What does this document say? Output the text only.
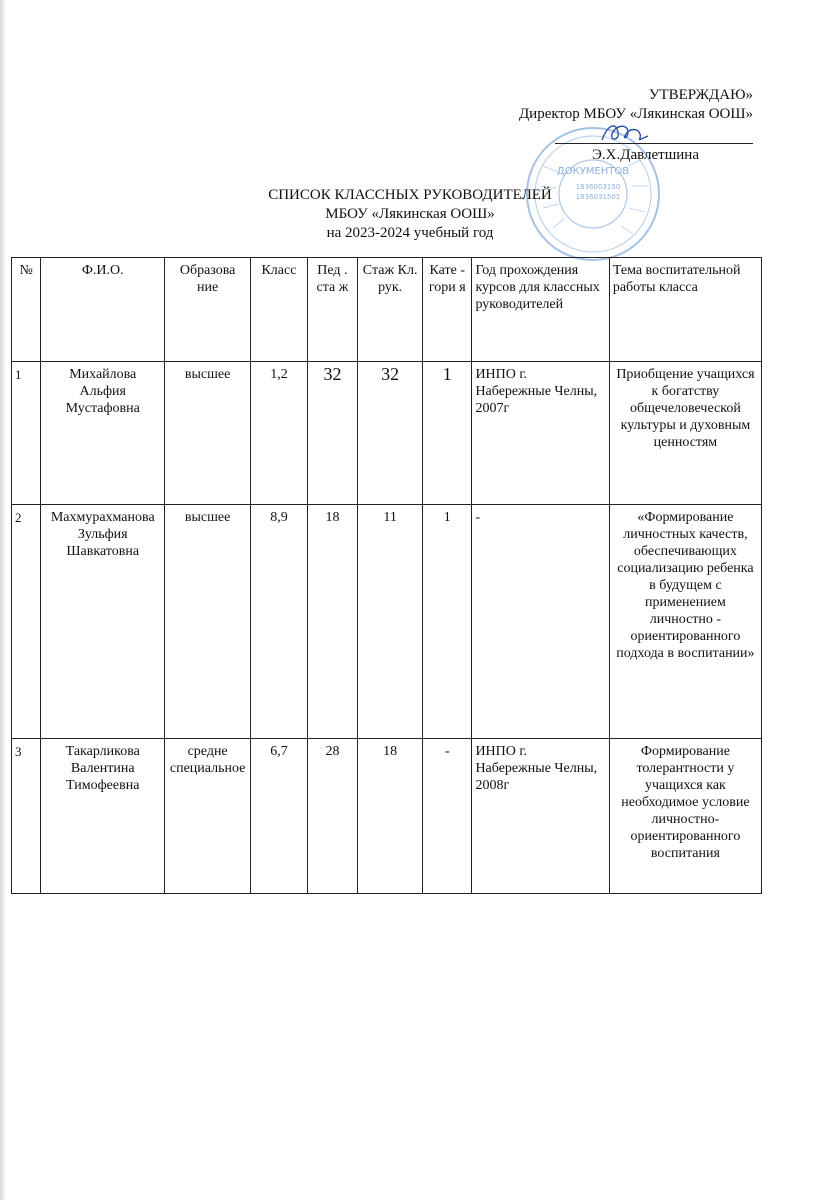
УТВЕРЖДАЮ»
Директор МБОУ «Лякинская ООШ»
ДОКУМЕНТОВ
1836003150
1836031501
Э.Х.Давлетшина
СПИСОК КЛАССНЫХ РУКОВОДИТЕЛЕЙ
МБОУ «Лякинская ООШ»
на 2023-2024 учебный год
№	Ф.И.О.	Образова ние	Класс	Пед . ста ж	Стаж Кл. рук.	Кате - гори я	Год прохождения курсов для классных руководителей	Тема воспитательной работы класса
1	Михайлова Альфия Мустафовна	высшее	1,2	32	32	1	ИНПО г. Набережные Челны, 2007г	Приобщение учащихся к богатству общечеловеческой культуры и духовным ценностям
2	Махмурахманова Зульфия Шавкатовна	высшее	8,9	18	11	1	-	«Формирование личностных качеств, обеспечивающих социализацию ребенка в будущем с применением личностно - ориентированного подхода в воспитании»
3	Такарликова Валентина Тимофеевна	средне специальное	6,7	28	18	-	ИНПО г. Набережные Челны, 2008г	Формирование толерантности у учащихся как необходимое условие личностно-ориентированного воспитания
